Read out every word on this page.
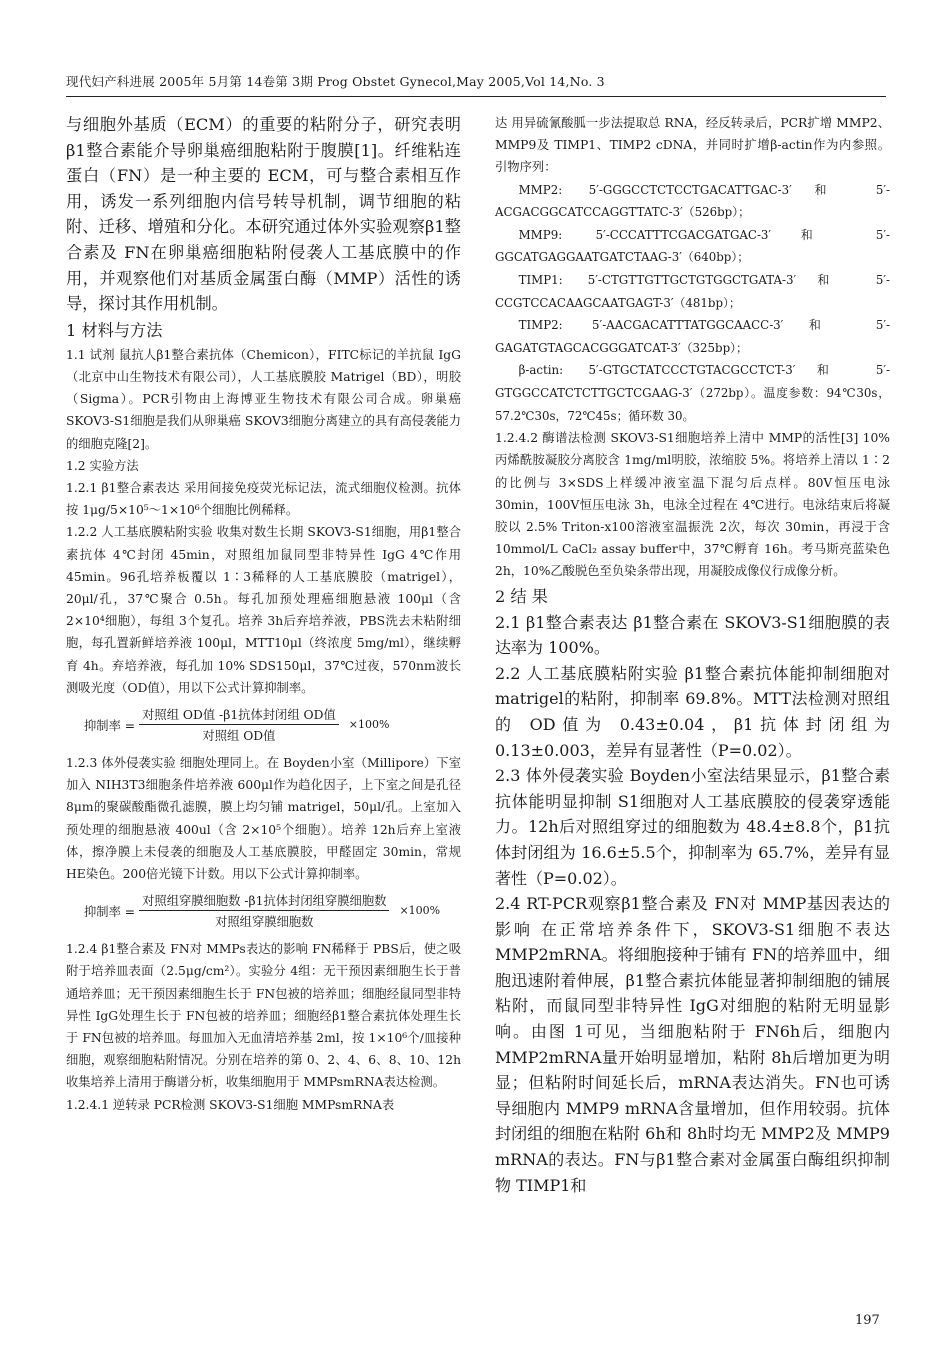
现代妇产科进展 2005年 5月第 14卷第 3期 Prog Obstet Gynecol,May 2005,Vol 14,No. 3

与细胞外基质（ECM）的重要的粘附分子，研究表明β1整合素能介导卵巢癌细胞粘附于腹膜[1]。纤维粘连蛋白（FN）是一种主要的 ECM，可与整合素相互作用，诱发一系列细胞内信号转导机制，调节细胞的粘附、迁移、增殖和分化。本研究通过体外实验观察β1整合素及 FN在卵巢癌细胞粘附侵袭人工基底膜中的作用，并观察他们对基质金属蛋白酶（MMP）活性的诱导，探讨其作用机制。

1 材料与方法

1.1 试剂 鼠抗人β1整合素抗体（Chemicon），FITC标记的羊抗鼠 IgG（北京中山生物技术有限公司），人工基底膜胶 Matrigel（BD），明胶（Sigma）。PCR引物由上海博亚生物技术有限公司合成。卵巢癌 SKOV3-S1细胞是我们从卵巢癌 SKOV3细胞分离建立的具有高侵袭能力的细胞克隆[2]。

1.2 实验方法

1.2.1 β1整合素表达 采用间接免疫荧光标记法，流式细胞仪检测。抗体按 1μg/5×10⁵～1×10⁶个细胞比例稀释。

1.2.2 人工基底膜粘附实验 收集对数生长期 SKOV3-S1细胞，用β1整合素抗体 4℃封闭 45min，对照组加鼠同型非特异性 IgG 4℃作用 45min。96孔培养板覆以 1∶3稀释的人工基底膜胶（matrigel），20μl/孔，37℃聚合 0.5h。每孔加预处理癌细胞悬液 100μl（含 2×10⁴细胞），每组 3个复孔。培养 3h后弃培养液，PBS洗去未粘附细胞，每孔置新鲜培养液 100μl，MTT10μl（终浓度 5mg/ml），继续孵育 4h。弃培养液，每孔加 10% SDS150μl，37℃过夜，570nm波长测吸光度（OD值），用以下公式计算抑制率。

抑制率 = $\frac{\text{对照组 OD值 -β1抗体封闭组 OD值}}{\text{对照组 OD值}} \times 100\%$

1.2.3 体外侵袭实验 细胞处理同上。在 Boyden小室（Millipore）下室加入 NIH3T3细胞条件培养液 600μl作为趋化因子，上下室之间是孔径 8μm的聚碳酸酯微孔滤膜，膜上均匀铺 matrigel，50μl/孔。上室加入预处理的细胞悬液 400ul（含 2×10⁵个细胞）。培养 12h后弃上室液体，擦净膜上未侵袭的细胞及人工基底膜胶，甲醛固定 30min，常规 HE染色。200倍光镜下计数。用以下公式计算抑制率。

抑制率 = $\frac{\text{对照组穿膜细胞数 -β1抗体封闭组穿膜细胞数}}{\text{对照组穿膜细胞数}} \times 100\%$

1.2.4 β1整合素及 FN对 MMPs表达的影响 FN稀释于 PBS后，使之吸附于培养皿表面（2.5μg/cm²）。实验分 4组：无干预因素细胞生长于普通培养皿；无干预因素细胞生长于 FN包被的培养皿；细胞经鼠同型非特异性 IgG处理生长于 FN包被的培养皿；细胞经β1整合素抗体处理生长于 FN包被的培养皿。每皿加入无血清培养基 2ml，按 1×10⁶个/皿接种细胞，观察细胞粘附情况。分别在培养的第 0、2、4、6、8、10、12h收集培养上清用于酶谱分析，收集细胞用于 MMPsmRNA表达检测。

1.2.4.1 逆转录 PCR检测 SKOV3-S1细胞 MMPsmRNA表

达 用异硫氰酸胍一步法提取总 RNA，经反转录后，PCR扩增 MMP2、MMP9及 TIMP1、TIMP2 cDNA，并同时扩增β-actin作为内参照。引物序列：

MMP2: 5′-GGGCCTCTCCTGACATTGAC-3′和 5′-ACGACGGCATCCAGGTTATC-3′（526bp）；

MMP9: 5′-CCCATTTCGACGATGAC-3′和 5′-GGCATGAGGAATGATCTAAG-3′（640bp）；

TIMP1: 5′-CTGTTGTTGCTGTGGCTGATA-3′和 5′-CCGTCCACAAGCAATGAGT-3′（481bp）；

TIMP2: 5′-AACGACATTTATGGCAACC-3′和 5′-GAGATGTAGCACGGGATCAT-3′（325bp）；

β-actin: 5′-GTGCTATCCCTGTACGCCTCT-3′和 5′-GTGGCCATCTCTTGCTCGAAG-3′（272bp）。温度参数：94℃30s，57.2℃30s，72℃45s；循环数 30。

1.2.4.2 酶谱法检测 SKOV3-S1细胞培养上清中 MMP的活性[3] 10%丙烯酰胺凝胶分离胶含 1mg/ml明胶，浓缩胶 5%。将培养上清以 1∶2的比例与 3×SDS上样缓冲液室温下混匀后点样。80V恒压电泳 30min，100V恒压电泳 3h，电泳全过程在 4℃进行。电泳结束后将凝胶以 2.5% Triton-x100溶液室温振洗 2次，每次 30min，再浸于含 10mmol/L CaCl₂ assay buffer中，37℃孵育 16h。考马斯亮蓝染色 2h，10%乙酸脱色至负染条带出现，用凝胶成像仪行成像分析。

2 结 果

2.1 β1整合素表达 β1整合素在 SKOV3-S1细胞膜的表达率为 100%。

2.2 人工基底膜粘附实验 β1整合素抗体能抑制细胞对 matrigel的粘附，抑制率 69.8%。MTT法检测对照组的 OD值为 0.43±0.04，β1抗体封闭组为 0.13±0.003，差异有显著性（P=0.02）。

2.3 体外侵袭实验 Boyden小室法结果显示，β1整合素抗体能明显抑制 S1细胞对人工基底膜胶的侵袭穿透能力。12h后对照组穿过的细胞数为 48.4±8.8个，β1抗体封闭组为 16.6±5.5个，抑制率为 65.7%，差异有显著性（P=0.02）。

2.4 RT-PCR观察β1整合素及 FN对 MMP基因表达的影响 在正常培养条件下，SKOV3-S1细胞不表达 MMP2mRNA。将细胞接种于铺有 FN的培养皿中，细胞迅速附着伸展，β1整合素抗体能显著抑制细胞的铺展粘附，而鼠同型非特异性 IgG对细胞的粘附无明显影响。由图 1可见，当细胞粘附于 FN6h后，细胞内 MMP2mRNA量开始明显增加，粘附 8h后增加更为明显；但粘附时间延长后，mRNA表达消失。FN也可诱导细胞内 MMP9 mRNA含量增加，但作用较弱。抗体封闭组的细胞在粘附 6h和 8h时均无 MMP2及 MMP9 mRNA的表达。FN与β1整合素对金属蛋白酶组织抑制物 TIMP1和

197
